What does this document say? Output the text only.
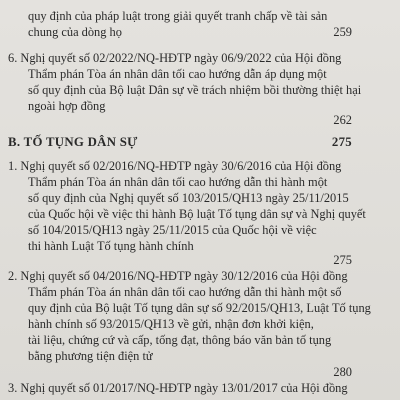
quy định của pháp luật trong giải quyết tranh chấp về tài sản
chung của dòng họ	259
6. Nghị quyết số 02/2022/NQ-HĐTP ngày 06/9/2022 của Hội đồng
Thẩm phán Tòa án nhân dân tối cao hướng dẫn áp dụng một
số quy định của Bộ luật Dân sự về trách nhiệm bồi thường thiệt hại
ngoài hợp đồng
262
B. TỐ TỤNG DÂN SỰ	275
1. Nghị quyết số 02/2016/NQ-HĐTP ngày 30/6/2016 của Hội đồng
Thẩm phán Tòa án nhân dân tối cao hướng dẫn thi hành một
số quy định của Nghị quyết số 103/2015/QH13 ngày 25/11/2015
của Quốc hội về việc thi hành Bộ luật Tố tụng dân sự và Nghị quyết
số 104/2015/QH13 ngày 25/11/2015 của Quốc hội về việc
thi hành Luật Tố tụng hành chính
275
2. Nghị quyết số 04/2016/NQ-HĐTP ngày 30/12/2016 của Hội đồng
Thẩm phán Tòa án nhân dân tối cao hướng dẫn thi hành một số
quy định của Bộ luật Tố tụng dân sự số 92/2015/QH13, Luật Tố tụng
hành chính số 93/2015/QH13 về gửi, nhận đơn khởi kiện,
tài liệu, chứng cứ và cấp, tống đạt, thông báo văn bản tố tụng
bằng phương tiện điện tử
280
3. Nghị quyết số 01/2017/NQ-HĐTP ngày 13/01/2017 của Hội đồng
